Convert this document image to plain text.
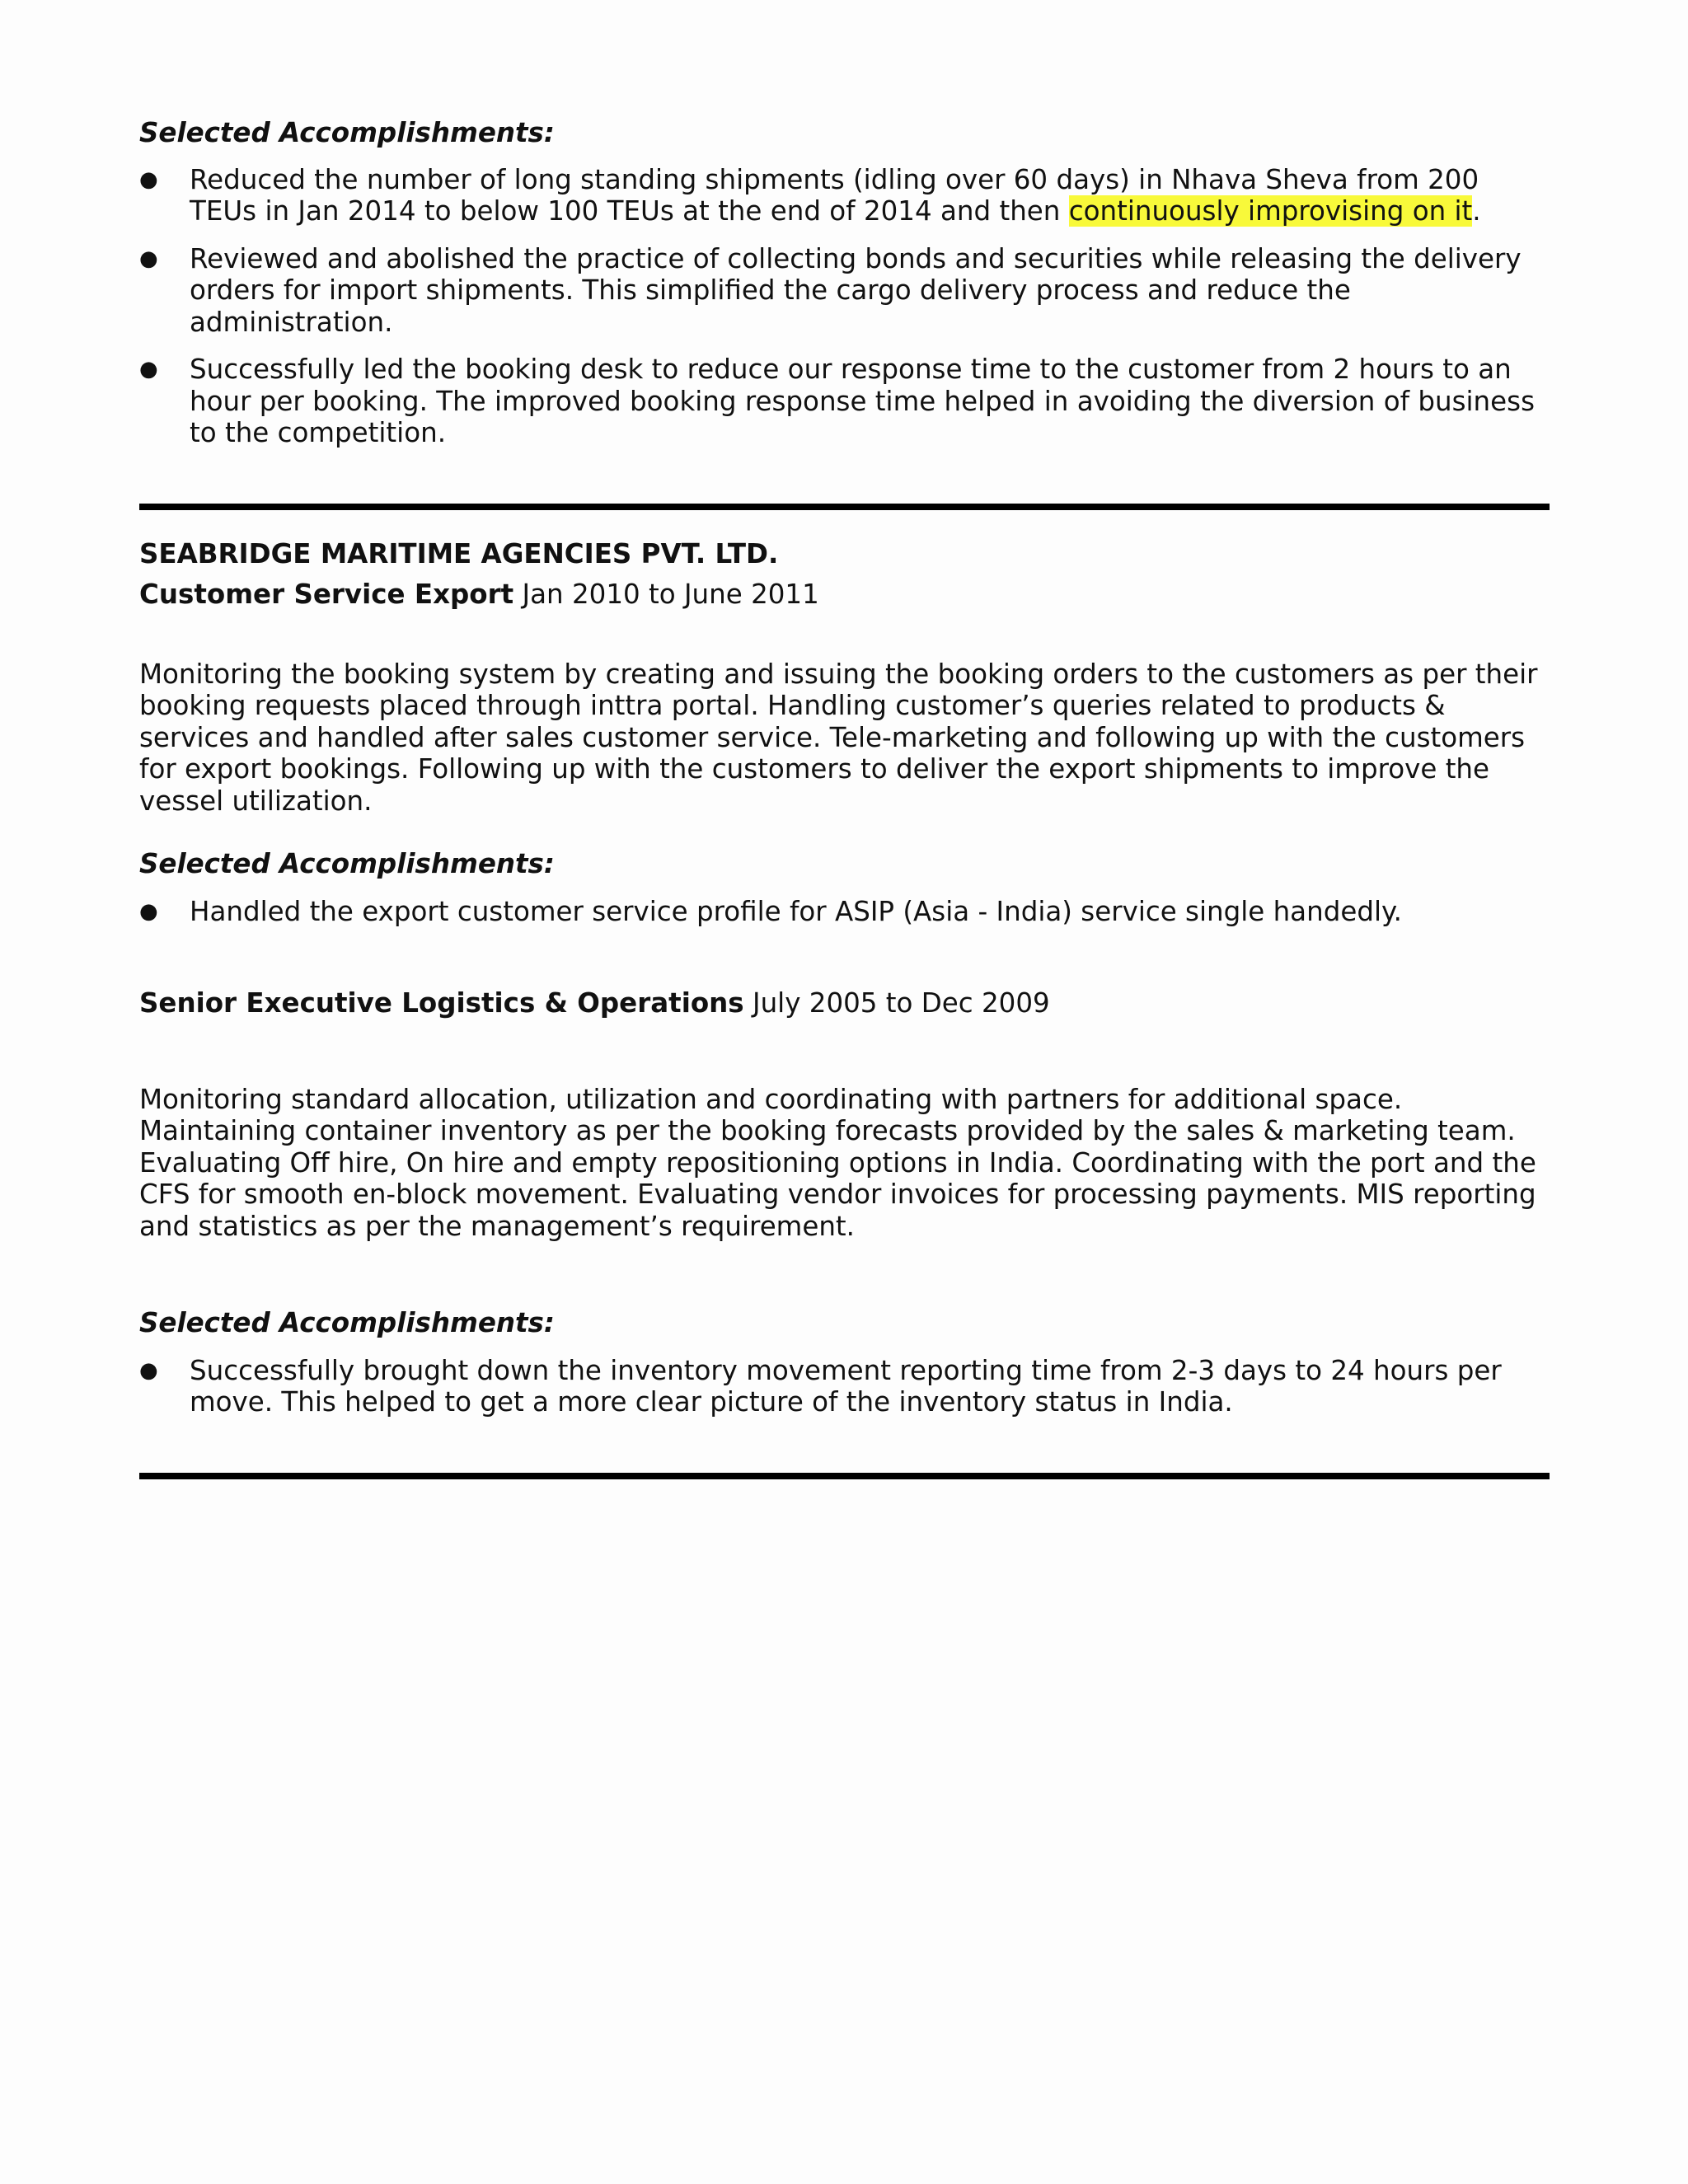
Selected Accomplishments:

● Reduced the number of long standing shipments (idling over 60 days) in Nhava Sheva from 200 TEUs in Jan 2014 to below 100 TEUs at the end of 2014 and then continuously improvising on it.
● Reviewed and abolished the practice of collecting bonds and securities while releasing the delivery orders for import shipments. This simplified the cargo delivery process and reduce the administration.
● Successfully led the booking desk to reduce our response time to the customer from 2 hours to an hour per booking. The improved booking response time helped in avoiding the diversion of business to the competition.

SEABRIDGE MARITIME AGENCIES PVT. LTD.

Customer Service Export Jan 2010 to June 2011

Monitoring the booking system by creating and issuing the booking orders to the customers as per their booking requests placed through inttra portal. Handling customer’s queries related to products & services and handled after sales customer service. Tele-marketing and following up with the customers for export bookings. Following up with the customers to deliver the export shipments to improve the vessel utilization.

Selected Accomplishments:

● Handled the export customer service profile for ASIP (Asia - India) service single handedly.

Senior Executive Logistics & Operations July 2005 to Dec 2009

Monitoring standard allocation, utilization and coordinating with partners for additional space. Maintaining container inventory as per the booking forecasts provided by the sales & marketing team. Evaluating Off hire, On hire and empty repositioning options in India. Coordinating with the port and the CFS for smooth en-block movement. Evaluating vendor invoices for processing payments. MIS reporting and statistics as per the management’s requirement.

Selected Accomplishments:

● Successfully brought down the inventory movement reporting time from 2-3 days to 24 hours per move. This helped to get a more clear picture of the inventory status in India.
